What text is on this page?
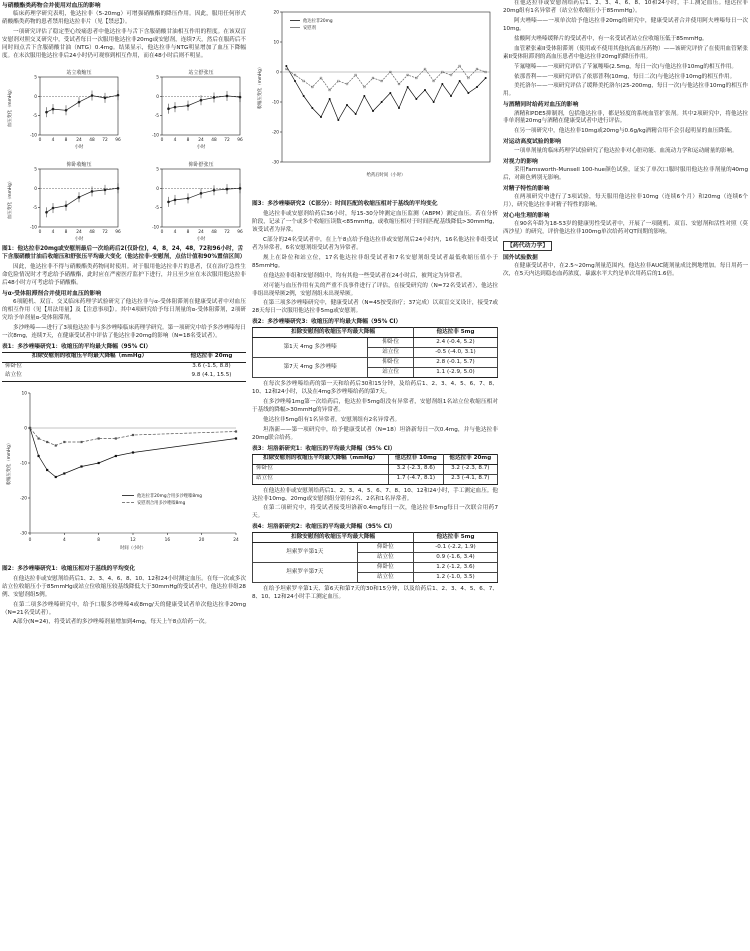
与硝酸酯类药物合并使用对血压的影响

临床药理学研究表明，他达拉非（5-20mg）可增强硝酸酯的降压作用。因此，服用任何形式硝酸酯类药物的患者禁用他达拉非片（见【禁忌】）。

一项研究评估了稳定型心绞痛患者中他达拉非与舌下含服硝酸甘油相互作用的程度。在该双盲安慰剂对照交叉研究中，受试者每日一次服用他达拉非20mg或安慰剂，连续7天，然后在服药后不同时间点舌下含服硝酸甘油（NTG）0.4mg。结果显示，他达拉非与NTG明显增加了血压下降幅度。在末次服用他达拉非后24小时仍可观察到相互作用，而在48小时后则不明显。

站立收缩压
-10
-5
0
5
0 4 8 24 48 72 96
小时
站立舒张压
-10
-5
0
5
0 4 8 24 48 72 96
小时
仰卧收缩压
-10
-5
0
5
0 4 8 24 48 72 96
小时
仰卧舒张压
-10
-5
0
5
0 4 8 24 48 72 96
小时
血压变化（mmHg）
血压变化（mmHg）
图1：他达拉非20mg或安慰剂最后一次给药后2(仅卧位)，4，8，24，48，72和96小时，舌下含服硝酸甘油后收缩压和舒张压平均最大变化（他达拉非-安慰剂，点估计值和90%置信区间）

因此，他达拉非不得与硝酸酯类药物同时使用。对于服用他达拉非片的患者，仅在治疗急性生命危险情况时才考虑给予硝酸酯，此时应在严密医疗监护下进行，并且至少应在末次服用他达拉非后48小时方可考虑给予硝酸酯。

与α-受体阻滞剂合并使用对血压的影响

6项随机、双盲、交叉临床药理学试验研究了他达拉非与α-受体阻滞剂在健康受试者中对血压的相互作用（见【用法用量】及【注意事项】）。其中4项研究给予每日剂量的α-受体阻滞剂，2项研究给予单剂量α-受体阻滞剂。

多沙唑嗪——进行了3项他达拉非与多沙唑嗪临床药理学研究。第一项研究中给予多沙唑嗪每日一次8mg，连续7天，在健康受试者中评估了他达拉非20mg的影响（N=18名受试者）。

表1：多沙唑嗪研究1：收缩压的平均最大降幅（95% CI）
扣除安慰剂的收缩压平均最大降幅（mmHg）	他达拉非 20mg
仰卧位	3.6 (-1.5, 8.8)
站立位	9.8 (4.1, 15.5)
-30
-20
-10
0
10
0	4	8	12	16	20	24
时间（小时）
收缩压变化（mmHg）
他达拉非20mg合用多沙唑嗪8mg
安慰剂合用多沙唑嗪8mg
图2：多沙唑嗪研究1：收缩压相对于基线的平均变化

在他达拉非或安慰剂给药后1、2、3、4、6、8、10、12和24小时测定血压。在每一次或多次站立位收缩压小于85mmHg或站立位收缩压较基线降低大于30mmHg的受试者中，他达拉非组28例、安慰剂组5例。

在第二项多沙唑嗪研究中，给予口服多沙唑嗪4或8mg/天的健康受试者单次他达拉非20mg（N=21名受试者）。

A部分(N=24)，将受试者的多沙唑嗪剂量增加到4mg，每天上午8点给药一次。

-30
-20
-10
0
10
20
给药后时间（小时）
收缩压变化（mmHg）
他达拉非20mg
安慰剂
图3：多沙唑嗪研究2（C部分）：时间匹配的收缩压相对于基线的平均变化

他达拉非或安慰剂给药后36小时，每15-30分钟测定血压监测（ABPM）测定血压。若在分析阶段，记录了一个或多个收缩压读数<85mmHg，或收缩压相对于时间匹配基线降低>30mmHg，该受试者为异常。

C部分的24名受试者中，在上午8点给予他达拉非或安慰剂后24小时内，16名他达拉非组受试者为异常者，6名安慰剂组受试者为异常者。

规上在卧位和站立位，17名他达拉非组受试者和7名安慰剂组受试者最低收缩压值小于85mmHg。

在他达拉非组和安慰剂组中，均有其他一些受试者在24小时后，被判定为异常者。

对可能与血压作用有关的严重不良事件进行了评估，在接受研究的（N=72名受试者），他达拉非组出现晕厥2例，安慰剂组未出现晕厥。

在第三项多沙唑嗪研究中，健康受试者（N=45按受治疗；37完成）以双盲交叉设计，接受7或28天每日一次服用他达拉非5mg或安慰剂。

表2：多沙唑嗪研究3：收缩压的平均最大降幅（95% CI）
扣除安慰剂的收缩压平均最大降幅		他达拉非 5mg
第1天 4mg 多沙唑嗪	仰卧位	2.4 (-0.4, 5.2)
	站立位	-0.5 (-4.0, 3.1)
第7天 4mg 多沙唑嗪	仰卧位	2.8 (-0.1, 5.7)
	站立位	1.1 (-2.9, 5.0)

在每次多沙唑嗪给药的第一天和给药后30和15分钟，及给药后1、2、3、4、5、6、7、8、10、12和24小时，以及在4mg多沙唑嗪给药的第7天。

在多沙唑嗪1mg第一次给药后，他达拉非5mg组没有异常者，安慰剂组1名站立位收缩压相对于基线的降幅>30mmHg的异常者。

他达拉非5mg组有1名异常者，安慰剂组有2名异常者。

坦洛新——第一项研究中，给予健康受试者（N=18）坦洛新每日一次0.4mg，并与他达拉非20mg联合给药。

表3：坦洛新研究1：收缩压的平均最大降幅（95% CI）
扣除安慰剂的收缩压平均最大降幅（mmHg）	他达拉非 10mg	他达拉非 20mg
仰卧位	3.2 (-2.3, 8.6)	3.2 (-2.3, 8.7)
站立位	1.7 (-4.7, 8.1)	2.3 (-4.1, 8.7)

在他达拉非或安慰剂给药后1、2、3、4、5、6、7、8、10、12和24小时，手工测定血压。他达拉非10mg、20mg或安慰剂组分别有2名、2名和1名异常者。

在第二项研究中，将受试者接受坦洛新0.4mg每日一次，他达拉非5mg每日一次联合用药7天。

表4：坦洛新研究2：收缩压的平均最大降幅（95% CI）
扣除安慰剂的收缩压平均最大降幅		他达拉非 5mg
坦索罗辛第1天	仰卧位	-0.1 (-2.2, 1.9)
	站立位	0.9 (-1.6, 3.4)
坦索罗辛第7天	仰卧位	1.2 (-1.2, 3.6)
	站立位	1.2 (-1.0, 3.5)

在给予坦索罗辛第1天、第6天和第7天的30和15分钟，以及给药后1、2、3、4、5、6、7、8、10、12和24小时手工测定血压。

在他达拉非或安慰剂给药后1、2、3、4、6、8、10和24小时，手工测定血压。他达拉非20mg组有1名异常者（站立位收缩压小于85mmHg）。

阿夫唑嗪——一项单次给予他达拉非20mg的研究中，健康受试者合并使用阿夫唑嗪每日一次10mg。

盐酸阿夫唑嗪缓释片的受试者中，有一名受试者站立位收缩压低于85mmHg。

血管紧张素II受体阻滞剂（使用或不使用其他抗高血压药物）——该研究评价了在使用血管紧张素II受体阻滞剂的高血压患者中他达拉非20mg的降压作用。

苄氟噻嗪——一项研究评估了苄氟噻嗪(2.5mg，每日一次)与他达拉非10mg的相互作用。

依那普利——一项研究评估了依那普利(10mg，每日二次)与他达拉非10mg的相互作用。

美托洛尔——一项研究评估了缓释美托洛尔(25-200mg，每日一次)与他达拉非10mg的相互作用。

与酒精同时给药对血压的影响

酒精和PDE5抑制剂，包括他达拉非，都是轻度的系统血管扩张剂。其中2项研究中，将他达拉非单剂量20mg与酒精在健康受试者中进行评估。

在另一项研究中，他达拉非10mg或20mg与0.6g/kg酒精合用不会引起明显的血压降低。

对运动高度试验的影响

一项单剂量的临床药理学试验研究了他达拉非对心脏功能、血流动力学和运动耐量的影响。

对视力的影响

采用Farnsworth-Munsell 100-hue颜色试验，证实了单次口服时服用他达拉非剂量的40mg后，对颜色辨别无影响。

对精子特性的影响

在两项研究中进行了3项试验，每天服用他达拉非10mg（连续6个月）和20mg（连续6个月），研究他达拉非对精子特性的影响。

对心电生理的影响

在90名年龄为18-53岁的健康男性受试者中，开展了一项随机、双盲、安慰剂和活性对照（莫西沙星）的研究，评价他达拉非100mg单次给药对QT间期的影响。

【药代动力学】
国外试验数据

在健康受试者中，在2.5~20mg剂量范围内，他达拉非AUC随剂量成比例地增加。每日用药一次，在5天内达到稳态血药浓度，暴露水平大约是单次用药后的1.6倍。
